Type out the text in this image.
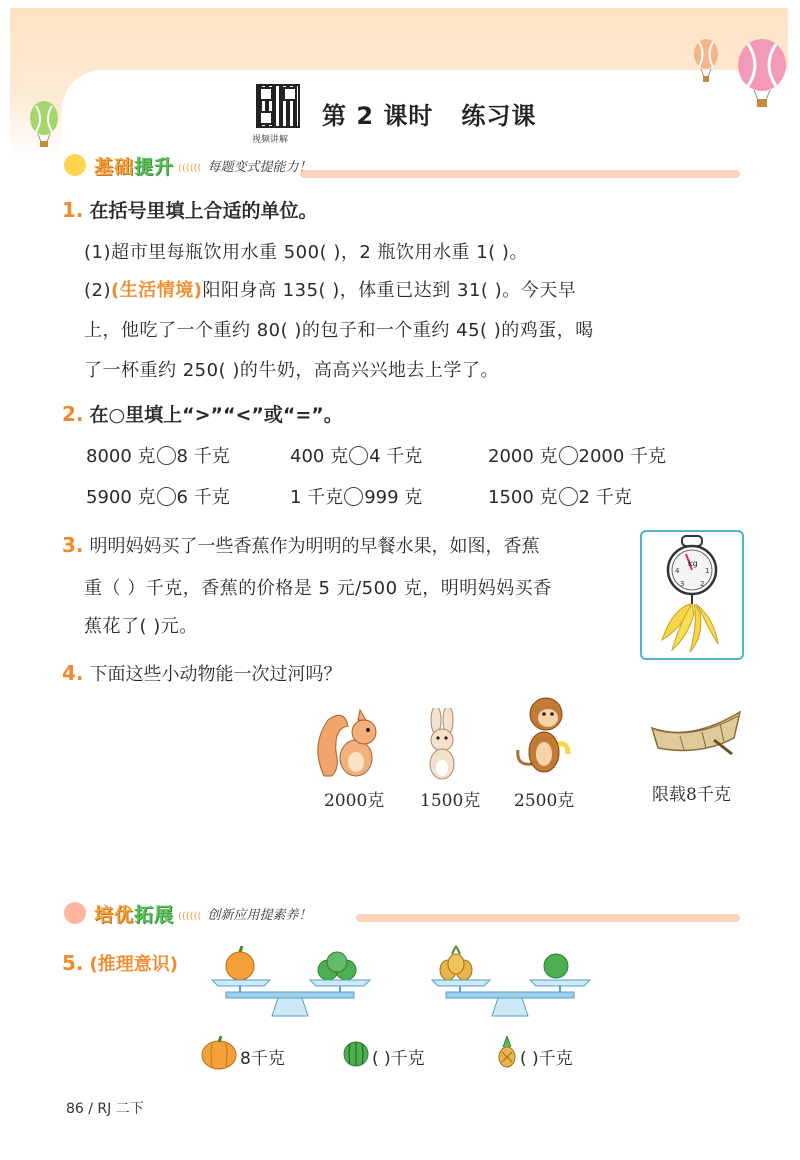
视频讲解
第 2 课时 练习课
基础提升 (((((( 每题变式提能力！
1. 在括号里填上合适的单位。
(1)超市里每瓶饮用水重 500( )，2 瓶饮用水重 1( )。
(2)(生活情境)阳阳身高 135( )，体重已达到 31( )。今天早
上，他吃了一个重约 80( )的包子和一个重约 45( )的鸡蛋，喝
了一杯重约 250( )的牛奶，高高兴兴地去上学了。
2. 在○里填上“>”“<”或“=”。
8000 克 8 千克	400 克 4 千克	2000 克 2000 千克
5900 克 6 千克	1 千克 999 克	1500 克 2 千克
3. 明明妈妈买了一些香蕉作为明明的早餐水果，如图，香蕉
重（ ）千克，香蕉的价格是 5 元/500 克，明明妈妈买香
蕉花了( )元。
kg
4	1
3 2
4. 下面这些小动物能一次过河吗？
2000克 1500克 2500克	限载8千克
培优拓展 (((((( 创新应用提素养！
5. (推理意识)
8千克	( )千克	( )千克
86 / RJ 二下
